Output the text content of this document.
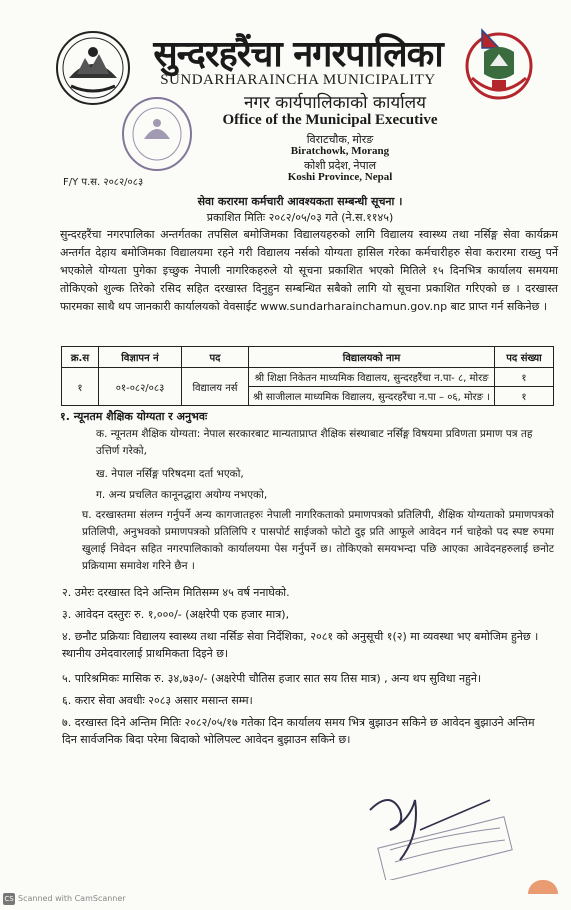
सुन्दरहरैंचा नगरपालिका
SUNDARHARAINCHA MUNICIPALITY
नगर कार्यपालिकाको कार्यालय
Office of the Municipal Executive
विराटचौक, मोरङ
Biratchowk, Morang
कोशी प्रदेश, नेपाल
Koshi Province, Nepal
F/Y प.स. २०८२/०८३
सेवा करारमा कर्मचारी आवश्यकता सम्बन्धी सूचना ।
प्रकाशित मितिः २०८२/०५/०३ गते (ने.स.११४५)
सुन्दरहरैंचा नगरपालिका अन्तर्गतका तपसिल बमोजिमका विद्यालयहरुको लागि विद्यालय स्वास्थ्य तथा नर्सिङ्ग सेवा कार्यक्रम अन्तर्गत देहाय बमोजिमका विद्यालयमा रहने गरी विद्यालय नर्सको योग्यता हासिल गरेका कर्मचारीहरु सेवा करारमा राख्नु पर्ने भएकोले योग्यता पुगेका इच्छुक नेपाली नागरिकहरुले यो सूचना प्रकाशित भएको मितिले १५ दिनभित्र कार्यालय समयमा तोकिएको शुल्क तिरेको रसिद सहित दरखास्त दिनुहुन सम्बन्धित सबैको लागि यो सूचना प्रकाशित गरिएको छ । दरखास्त फारमका साथै थप जानकारी कार्यालयको वेवसाईट www.sundarharainchamun.gov.np बाट प्राप्त गर्न सकिनेछ ।
क्र.स	विज्ञापन नं	पद	विद्यालयको नाम	पद संख्या
१	०१-०८२/०८३	विद्यालय नर्स	श्री शिक्षा निकेतन माध्यमिक विद्यालय, सुन्दरहरैंचा न.पा- ८, मोरङ	१
			श्री साजीलाल माध्यमिक विद्यालय, सुन्दरहरैंचा न.पा – ०६, मोरङ ।	१
१. न्यूनतम शैक्षिक योग्यता र अनुभवः
क. न्यूनतम शैक्षिक योग्यता: नेपाल सरकारबाट मान्यताप्राप्त शैक्षिक संस्थाबाट नर्सिङ्ग विषयमा प्रविणता प्रमाण पत्र तह उत्तिर्ण गरेको,
ख. नेपाल नर्सिङ्ग परिषदमा दर्ता भएको,
ग. अन्य प्रचलित कानूनद्धारा अयोग्य नभएको,
घ. दरखास्तमा संलग्न गर्नुपर्ने अन्य कागजातहरुः नेपाली नागरिकताको प्रमाणपत्रको प्रतिलिपी, शैक्षिक योग्यताको प्रमाणपत्रको प्रतिलिपी, अनुभवको प्रमाणपत्रको प्रतिलिपि र पासपोर्ट साईजको फोटो दुइ प्रति आफूले आवेदन गर्न चाहेको पद स्पष्ट रुपमा खुलाई निवेदन सहित नगरपालिकाको कार्यालयमा पेस गर्नुपर्ने छ। तोकिएको समयभन्दा पछि आएका आवेदनहरुलाई छनोट प्रक्रियामा समावेश गरिने छैन ।
२. उमेरः दरखास्त दिने अन्तिम मितिसम्म ४५ वर्ष ननाघेको.
३. आवेदन दस्तुरः रु. १,०००/- (अक्षरेपी एक हजार मात्र),
४. छनौट प्रक्रियाः विद्यालय स्वास्थ्य तथा नर्सिङ सेवा निर्देशिका, २०८१ को अनुसूची १(२) मा व्यवस्था भए बमोजिम हुनेछ । स्थानीय उमेदवारलाई प्राथमिकता दिइने छ।
५. पारिश्रमिकः मासिक रु. ३४,७३०/- (अक्षरेपी चौतिस हजार सात सय तिस मात्र) , अन्य थप सुविधा नहुने।
६. करार सेवा अवधीः २०८३ असार मसान्त सम्म।
७. दरखास्त दिने अन्तिम मितिः २०८२/०५/१७ गतेका दिन कार्यालय समय भित्र बुझाउन सकिने छ आवेदन बुझाउने अन्तिम दिन सार्वजनिक बिदा परेमा बिदाको भोलिपल्ट आवेदन बुझाउन सकिने छ।
CS Scanned with CamScanner
